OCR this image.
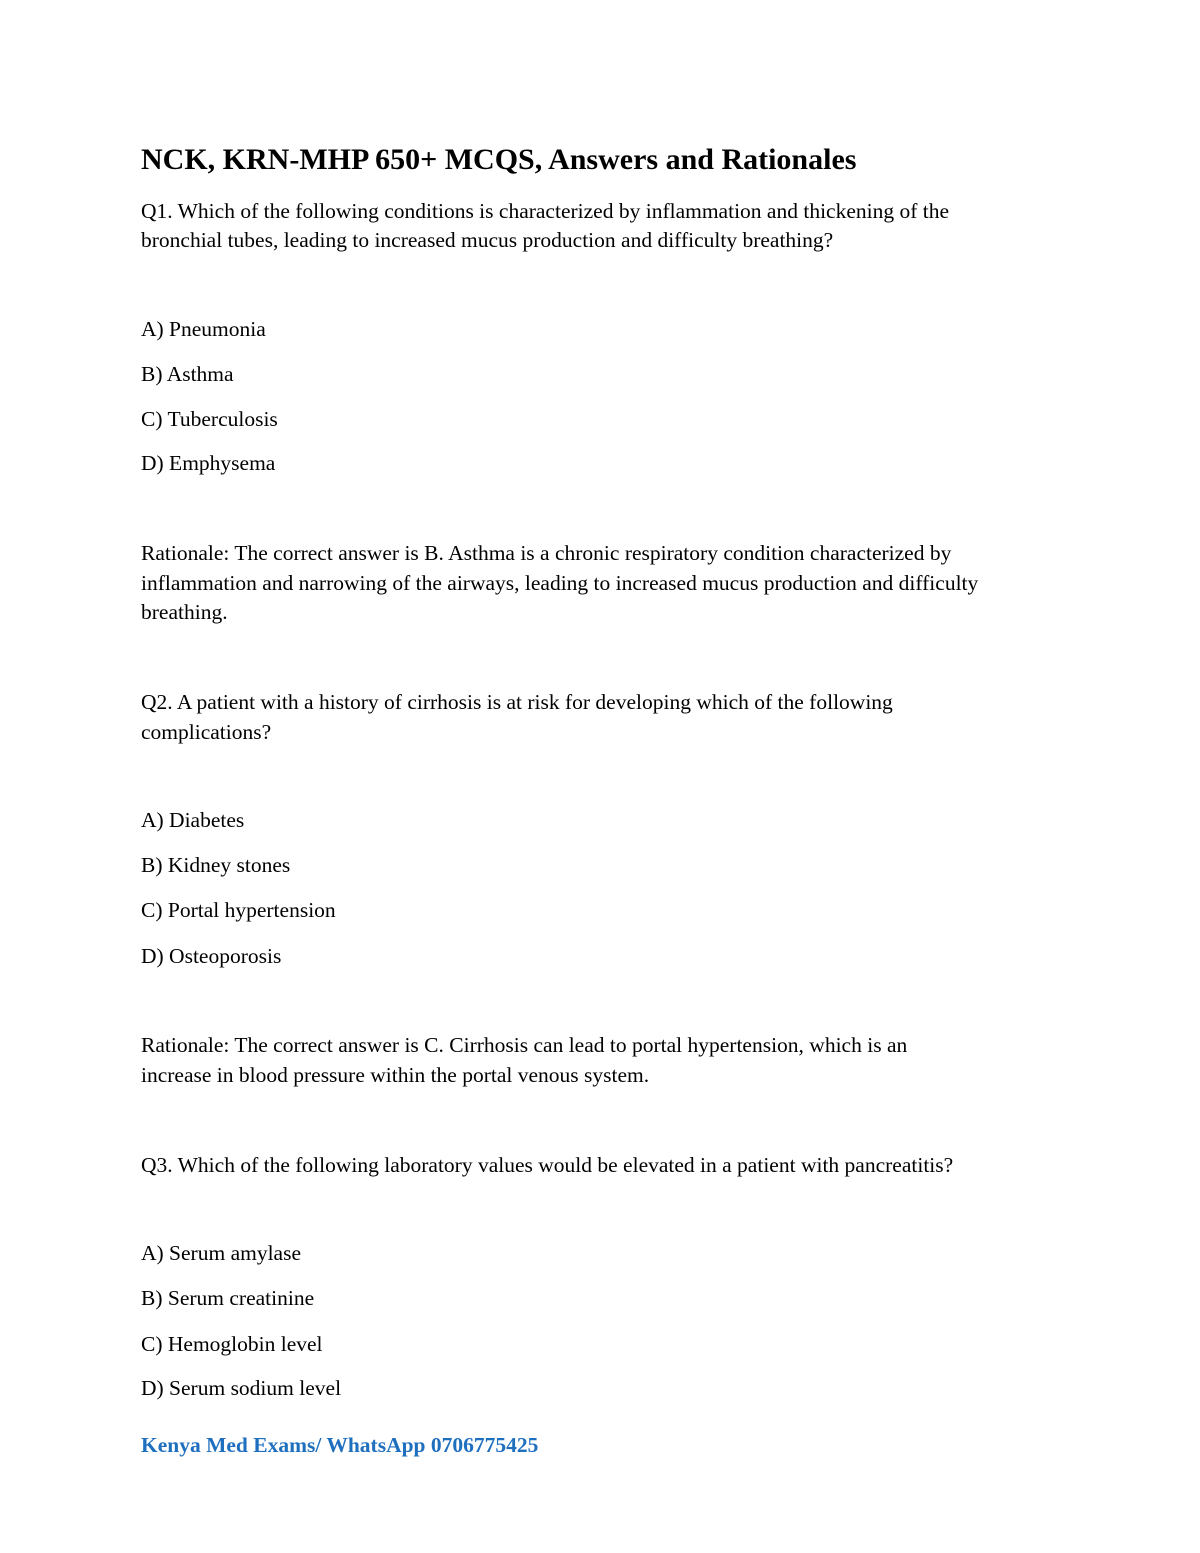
NCK, KRN-MHP 650+ MCQS, Answers and Rationales

Q1. Which of the following conditions is characterized by inflammation and thickening of the

bronchial tubes, leading to increased mucus production and difficulty breathing?

A) Pneumonia

B) Asthma

C) Tuberculosis

D) Emphysema

Rationale: The correct answer is B. Asthma is a chronic respiratory condition characterized by

inflammation and narrowing of the airways, leading to increased mucus production and difficulty

breathing.

Q2. A patient with a history of cirrhosis is at risk for developing which of the following

complications?

A) Diabetes

B) Kidney stones

C) Portal hypertension

D) Osteoporosis

Rationale: The correct answer is C. Cirrhosis can lead to portal hypertension, which is an

increase in blood pressure within the portal venous system.

Q3. Which of the following laboratory values would be elevated in a patient with pancreatitis?

A) Serum amylase

B) Serum creatinine

C) Hemoglobin level

D) Serum sodium level

Kenya Med Exams/ WhatsApp 0706775425
